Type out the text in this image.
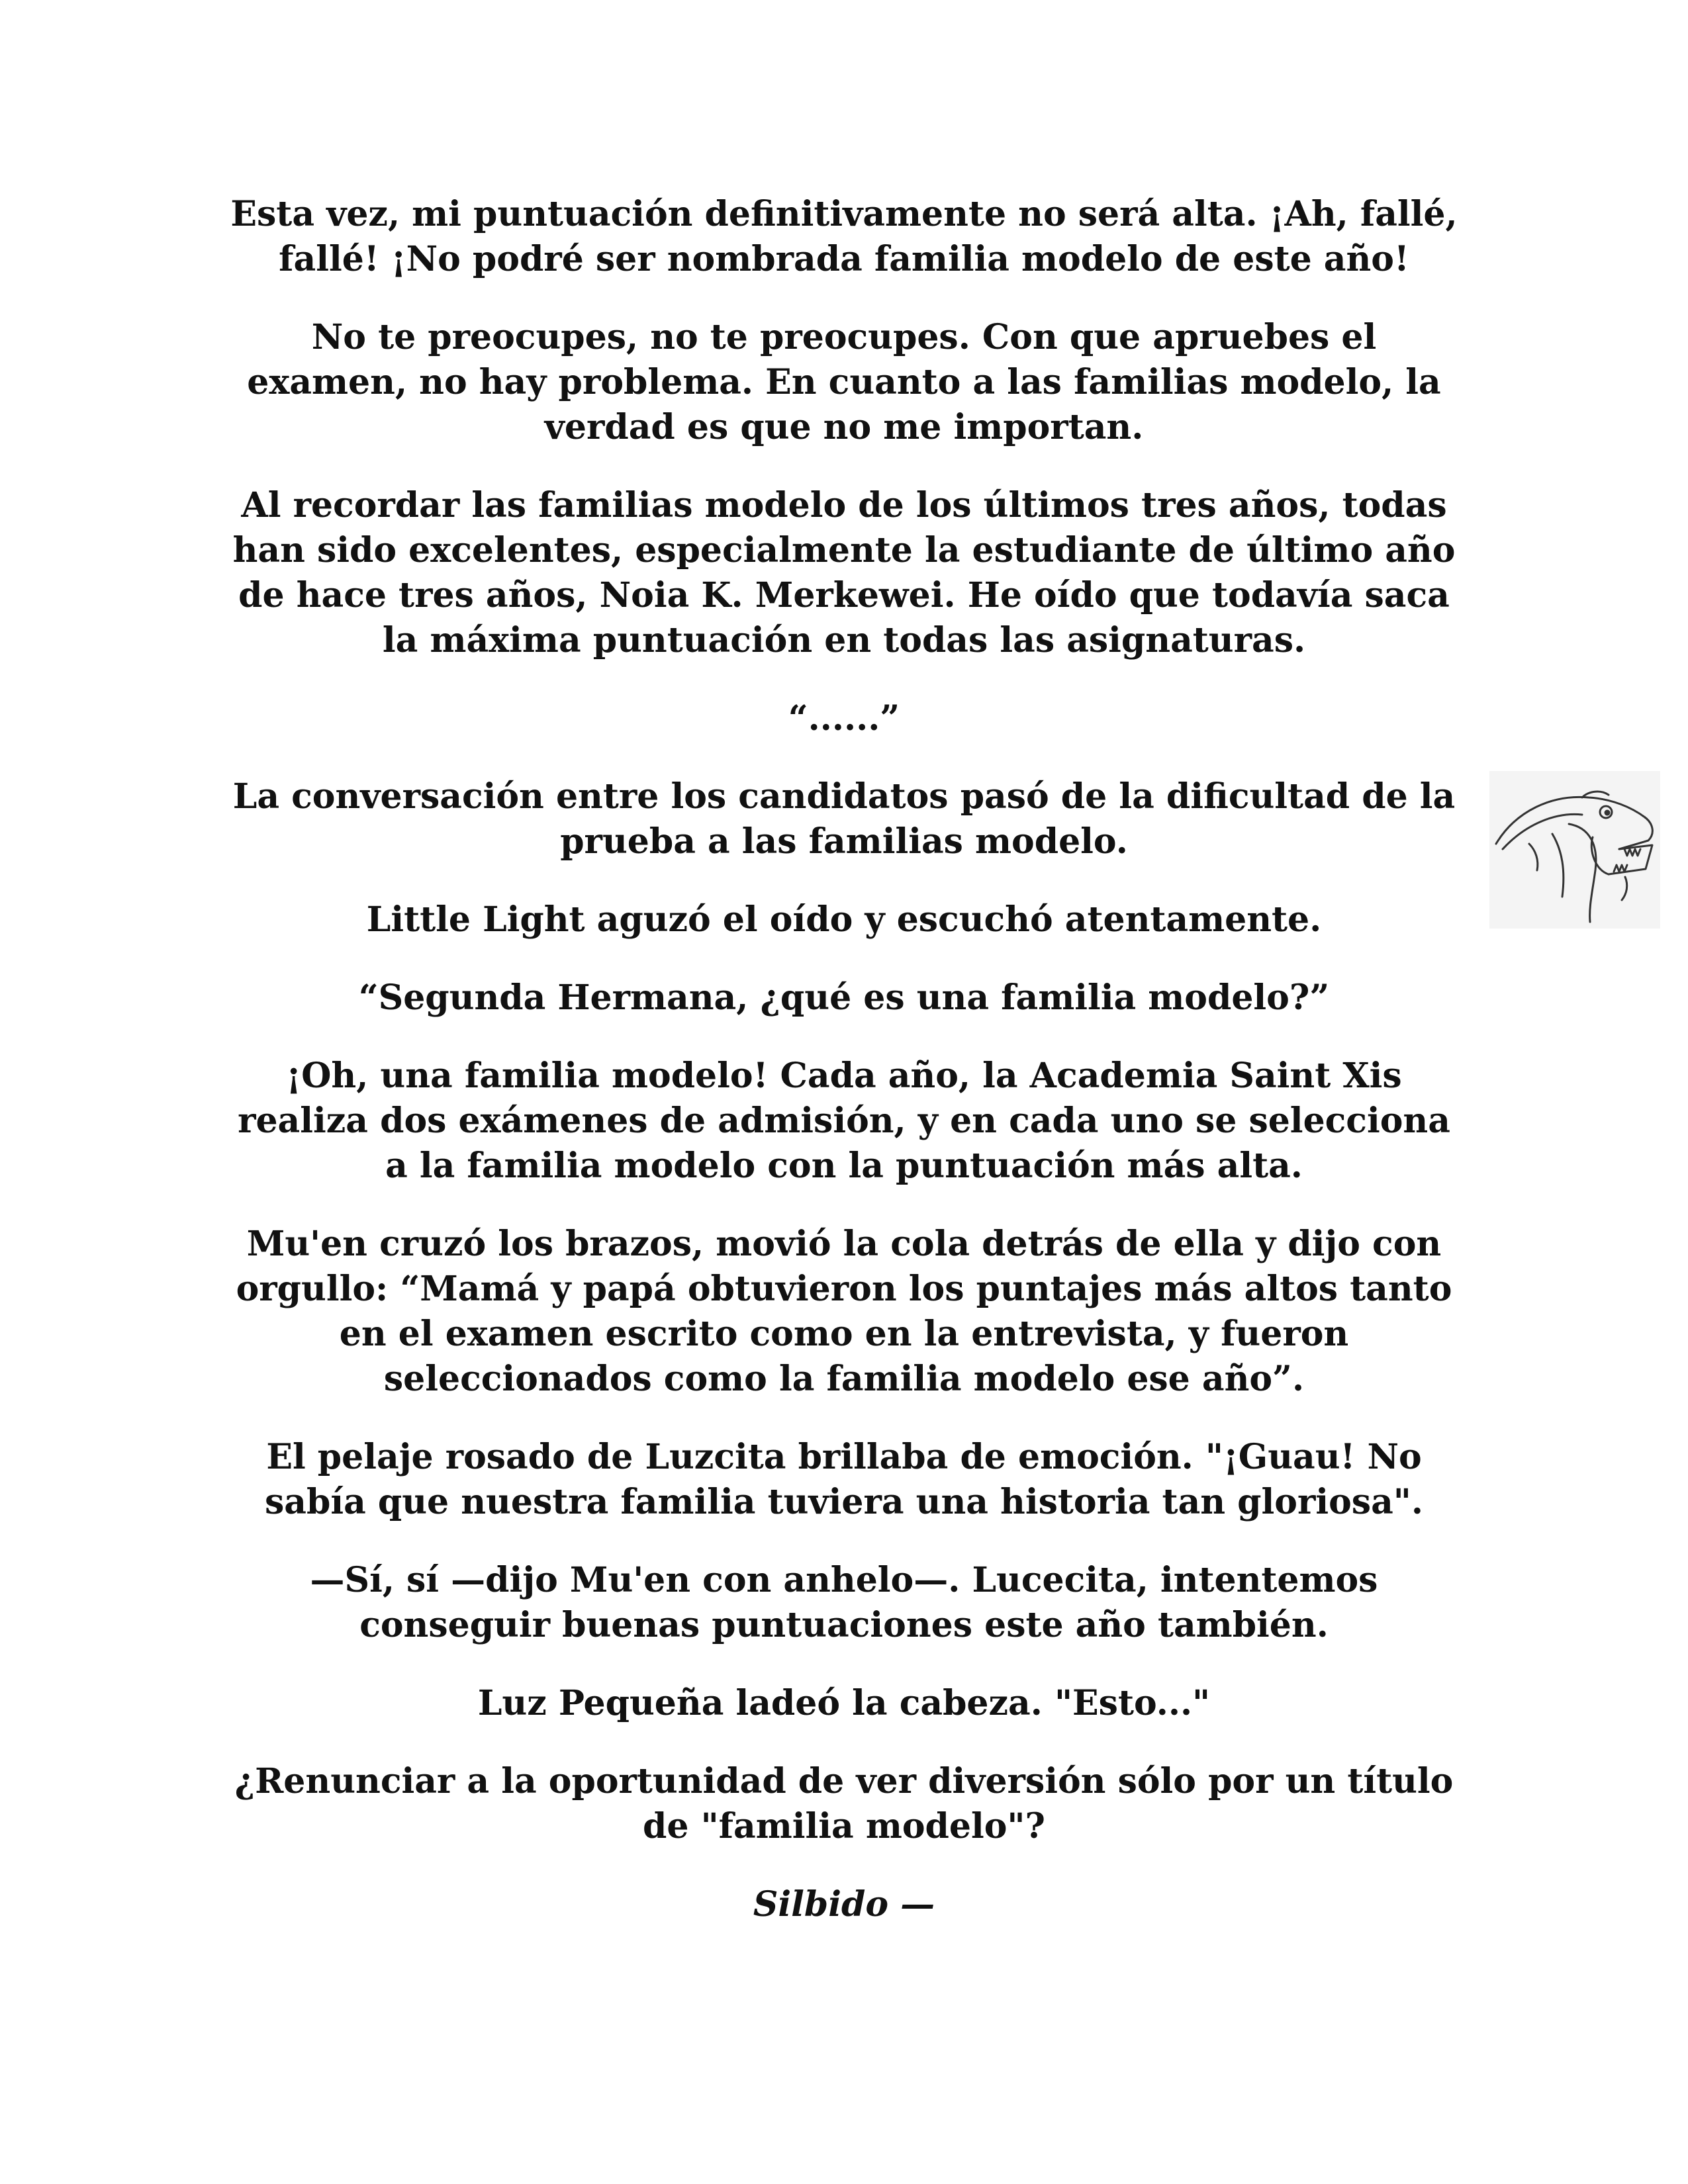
Esta vez, mi puntuación definitivamente no será alta. ¡Ah, fallé, fallé! ¡No podré ser nombrada familia modelo de este año!

No te preocupes, no te preocupes. Con que apruebes el examen, no hay problema. En cuanto a las familias modelo, la verdad es que no me importan.

Al recordar las familias modelo de los últimos tres años, todas han sido excelentes, especialmente la estudiante de último año de hace tres años, Noia K. Merkewei. He oído que todavía saca la máxima puntuación en todas las asignaturas.

“......”

La conversación entre los candidatos pasó de la dificultad de la prueba a las familias modelo.

Little Light aguzó el oído y escuchó atentamente.

“Segunda Hermana, ¿qué es una familia modelo?”

¡Oh, una familia modelo! Cada año, la Academia Saint Xis realiza dos exámenes de admisión, y en cada uno se selecciona a la familia modelo con la puntuación más alta.

Mu'en cruzó los brazos, movió la cola detrás de ella y dijo con orgullo: “Mamá y papá obtuvieron los puntajes más altos tanto en el examen escrito como en la entrevista, y fueron seleccionados como la familia modelo ese año”.

El pelaje rosado de Luzcita brillaba de emoción. "¡Guau! No sabía que nuestra familia tuviera una historia tan gloriosa".

—Sí, sí —dijo Mu'en con anhelo—. Lucecita, intentemos conseguir buenas puntuaciones este año también.

Luz Pequeña ladeó la cabeza. "Esto..."

¿Renunciar a la oportunidad de ver diversión sólo por un título de "familia modelo"?

Silbido —
